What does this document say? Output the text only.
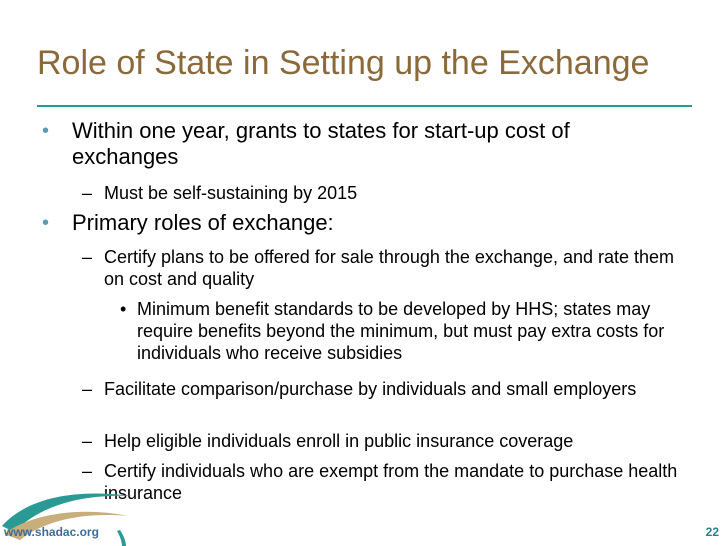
Role of State in Setting up the Exchange
• Within one year, grants to states for start-up cost of exchanges
– Must be self-sustaining by 2015
• Primary roles of exchange:
– Certify plans to be offered for sale through the exchange, and rate them on cost and quality
• Minimum benefit standards to be developed by HHS; states may require benefits beyond the minimum, but must pay extra costs for individuals who receive subsidies
– Facilitate comparison/purchase by individuals and small employers
– Help eligible individuals enroll in public insurance coverage
– Certify individuals who are exempt from the mandate to purchase health insurance
www.shadac.org	22
